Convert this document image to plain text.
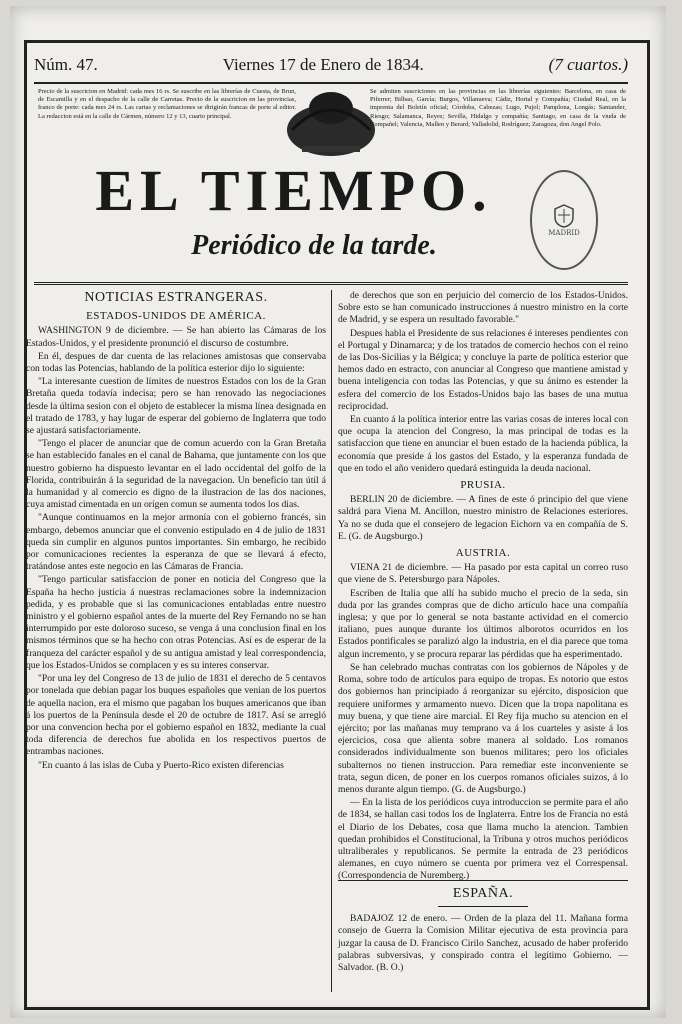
Núm. 47.	Viernes 17 de Enero de 1834.	(7 cuartos.)
Precio de la suscricion en Madrid: cada mes 16 rs. Se suscribe en las librerías de Cuesta, de Brun, de Escamilla y en el despacho de la calle de Carretas. Precio de la suscricion en las provincias, franco de porte: cada mes 24 rs. Las cartas y reclamaciones se dirigirán francas de porte al editor. La redaccion está en la calle de Cármen, número 12 y 13, cuarto principal.
Se admiten suscriciones en las provincias en las librerías siguientes: Barcelona, en casa de Piferrer; Bilbao, García; Burgos, Villanueva; Cádiz, Hortal y Compañía; Ciudad Real, en la imprenta del Boletín oficial; Córdoba, Cabezas; Lugo, Pujol; Pamplona, Longás; Santander, Riesgo; Salamanca, Reyes; Sevilla, Hidalgo y compañía; Santiago, en casa de la viuda de Compañel; Valencia, Mallen y Berard; Valladolid, Rodríguez; Zaragoza, don Angel Polo.
EL TIEMPO.
Periódico de la tarde.	MADRID
NOTICIAS ESTRANGERAS.
ESTADOS-UNIDOS DE AMÉRICA.

WASHINGTON 9 de diciembre. — Se han abierto las Cámaras de los Estados-Unidos, y el presidente pronunció el discurso de costumbre.

En él, despues de dar cuenta de las relaciones amistosas que conservaba con todas las Potencias, hablando de la política esterior dijo lo siguiente:

"La interesante cuestion de límites de nuestros Estados con los de la Gran Bretaña queda todavía indecisa; pero se han renovado las negociaciones desde la última sesion con el objeto de establecer la misma línea designada en el tratado de 1783, y hay lugar de esperar del gobierno de Inglaterra que todo se ajustará satisfactoriamente.

"Tengo el placer de anunciar que de comun acuerdo con la Gran Bretaña se han establecido fanales en el canal de Bahama, que juntamente con los que nuestro gobierno ha dispuesto levantar en el lado occidental del golfo de la Florida, contribuirán á la seguridad de la navegacion. Un beneficio tan útil á la humanidad y al comercio es digno de la ilustracion de las dos naciones, cuya amistad cimentada en un orígen comun se aumenta todos los dias.

"Aunque continuamos en la mejor armonía con el gobierno francés, sin embargo, debemos anunciar que el convenio estipulado en 4 de julio de 1831 queda sin cumplir en algunos puntos importantes. Sin embargo, he recibido por comunicaciones recientes la esperanza de que se llevará á efecto, tratándose antes este negocio en las Cámaras de Francia.

"Tengo particular satisfaccion de poner en noticia del Congreso que la España ha hecho justicia á nuestras reclamaciones sobre la indemnizacion pedida, y es probable que si las comunicaciones entabladas entre nuestro ministro y el gobierno español antes de la muerte del Rey Fernando no se han interrumpido por este doloroso suceso, se venga á una conclusion final en los mismos términos que se ha hecho con otras Potencias. Así es de esperar de la franqueza del carácter español y de su antigua amistad y leal correspondencia, que los Estados-Unidos se complacen y es su interes conservar.

"Por una ley del Congreso de 13 de julio de 1831 el derecho de 5 centavos por tonelada que debian pagar los buques españoles que venian de los puertos de aquella nacion, era el mismo que pagaban los buques americanos que iban á los puertos de la Península desde el 20 de octubre de 1817. Así se arregló por una convencion hecha por el gobierno español en 1832, mediante la cual toda diferencia de derechos fue abolida en los respectivos puertos de entrambas naciones.

"En cuanto á las islas de Cuba y Puerto-Rico existen diferencias

de derechos que son en perjuicio del comercio de los Estados-Unidos. Sobre esto se han comunicado instrucciones á nuestro ministro en la corte de Madrid, y se espera un resultado favorable."

Despues habla el Presidente de sus relaciones é intereses pendientes con el Portugal y Dinamarca; y de los tratados de comercio hechos con el reino de las Dos-Sicilias y la Bélgica; y concluye la parte de política esterior que hemos dado en estracto, con anunciar al Congreso que mantiene amistad y buena inteligencia con todas las Potencias, y que su ánimo es estender la esfera del comercio de los Estados-Unidos bajo las bases de una mutua reciprocidad.

En cuanto á la política interior entre las varias cosas de interes local con que ocupa la atencion del Congreso, la mas principal de todas es la satisfaccion que tiene en anunciar el buen estado de la hacienda pública, la economía que preside á los gastos del Estado, y la esperanza fundada de que en todo el año venidero quedará estinguida la deuda nacional.

PRUSIA.

BERLIN 20 de diciembre. — A fines de este ó principio del que viene saldrá para Viena M. Ancillon, nuestro ministro de Relaciones esteriores. Ya no se duda que el consejero de legacion Eichorn va en compañía de S. E. (G. de Augsburgo.)

AUSTRIA.

VIENA 21 de diciembre. — Ha pasado por esta capital un correo ruso que viene de S. Petersburgo para Nápoles.

Escriben de Italia que allí ha subido mucho el precio de la seda, sin duda por las grandes compras que de dicho artículo hace una compañía inglesa; y que por lo general se nota bastante actividad en el comercio italiano, pues aunque durante los últimos alborotos ocurridos en los Estados pontificales se paralizó algo la industria, en el dia parece que toma algun incremento, y se procura reparar las pérdidas que ha esperimentado.

Se han celebrado muchas contratas con los gobiernos de Nápoles y de Roma, sobre todo de artículos para equipo de tropas. Es notorio que estos dos gobiernos han principiado á reorganizar su ejército, disposicion que requiere uniformes y armamento nuevo. Dicen que la tropa napolitana es muy buena, y que tiene aire marcial. El Rey fija mucho su atencion en el ejército; por las mañanas muy temprano va á los cuarteles y asiste á los ejercicios, cosa que alienta sobre manera al soldado. Los romanos considerados individualmente son buenos militares; pero los oficiales subalternos no tienen instruccion. Para remediar este inconveniente se trata, segun dicen, de poner en los cuerpos romanos oficiales suizos, á lo menos durante algun tiempo. (G. de Augsburgo.)

— En la lista de los periódicos cuya introduccion se permite para el año de 1834, se hallan casi todos los de Inglaterra. Entre los de Francia no está el Diario de los Debates, cosa que llama mucho la atencion. Tambien quedan prohibidos el Constitucional, la Tribuna y otros muchos periódicos ultraliberales y republicanos. Se permite la entrada de 23 periódicos alemanes, en cuyo número se cuenta por primera vez el Correspensal. (Correspondencia de Nuremberg.)

ESPAÑA.

BADAJOZ 12 de enero. — Orden de la plaza del 11. Mañana forma consejo de Guerra la Comision Militar ejecutiva de esta provincia para juzgar la causa de D. Francisco Cirilo Sanchez, acusado de haber proferido palabras subversivas, y conspirado contra el legítimo Gobierno. — Salvador. (B. O.)
